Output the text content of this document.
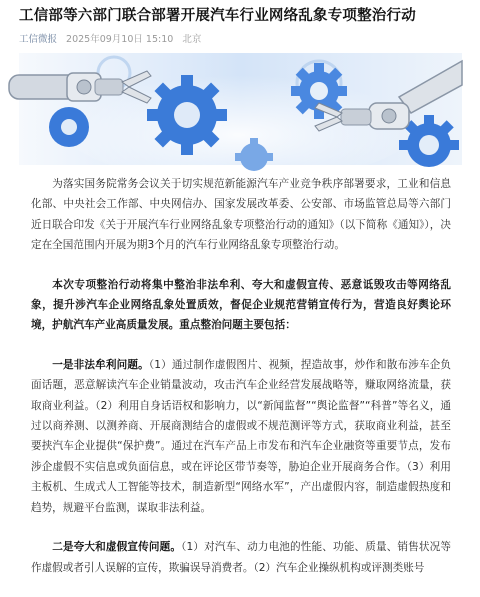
工信部等六部门联合部署开展汽车行业网络乱象专项整治行动
工信微报 2025年09月10日 15:10 北京

为落实国务院常务会议关于切实规范新能源汽车产业竞争秩序部署要求，工业和信息化部、中央社会工作部、中央网信办、国家发展改革委、公安部、市场监管总局等六部门近日联合印发《关于开展汽车行业网络乱象专项整治行动的通知》（以下简称《通知》），决定在全国范围内开展为期3个月的汽车行业网络乱象专项整治行动。

本次专项整治行动将集中整治非法牟利、夸大和虚假宣传、恶意诋毁攻击等网络乱象，提升涉汽车企业网络乱象处置质效，督促企业规范营销宣传行为，营造良好舆论环境，护航汽车产业高质量发展。重点整治问题主要包括：

一是非法牟利问题。（1）通过制作虚假图片、视频，捏造故事，炒作和散布涉车企负面话题，恶意解读汽车企业销量波动，攻击汽车企业经营发展战略等，赚取网络流量，获取商业利益。（2）利用自身话语权和影响力，以“新闻监督”“舆论监督”“科普”等名义，通过以商养测、以测养商、开展商测结合的虚假或不规范测评等方式，获取商业利益，甚至要挟汽车企业提供“保护费”。通过在汽车产品上市发布和汽车企业融资等重要节点，发布涉企虚假不实信息或负面信息，或在评论区带节奏等，胁迫企业开展商务合作。（3）利用主板机、生成式人工智能等技术，制造新型“网络水军”，产出虚假内容，制造虚假热度和趋势，规避平台监测，谋取非法利益。

二是夸大和虚假宣传问题。（1）对汽车、动力电池的性能、功能、质量、销售状况等作虚假或者引人误解的宣传，欺骗误导消费者。（2）汽车企业操纵机构或评测类账号
